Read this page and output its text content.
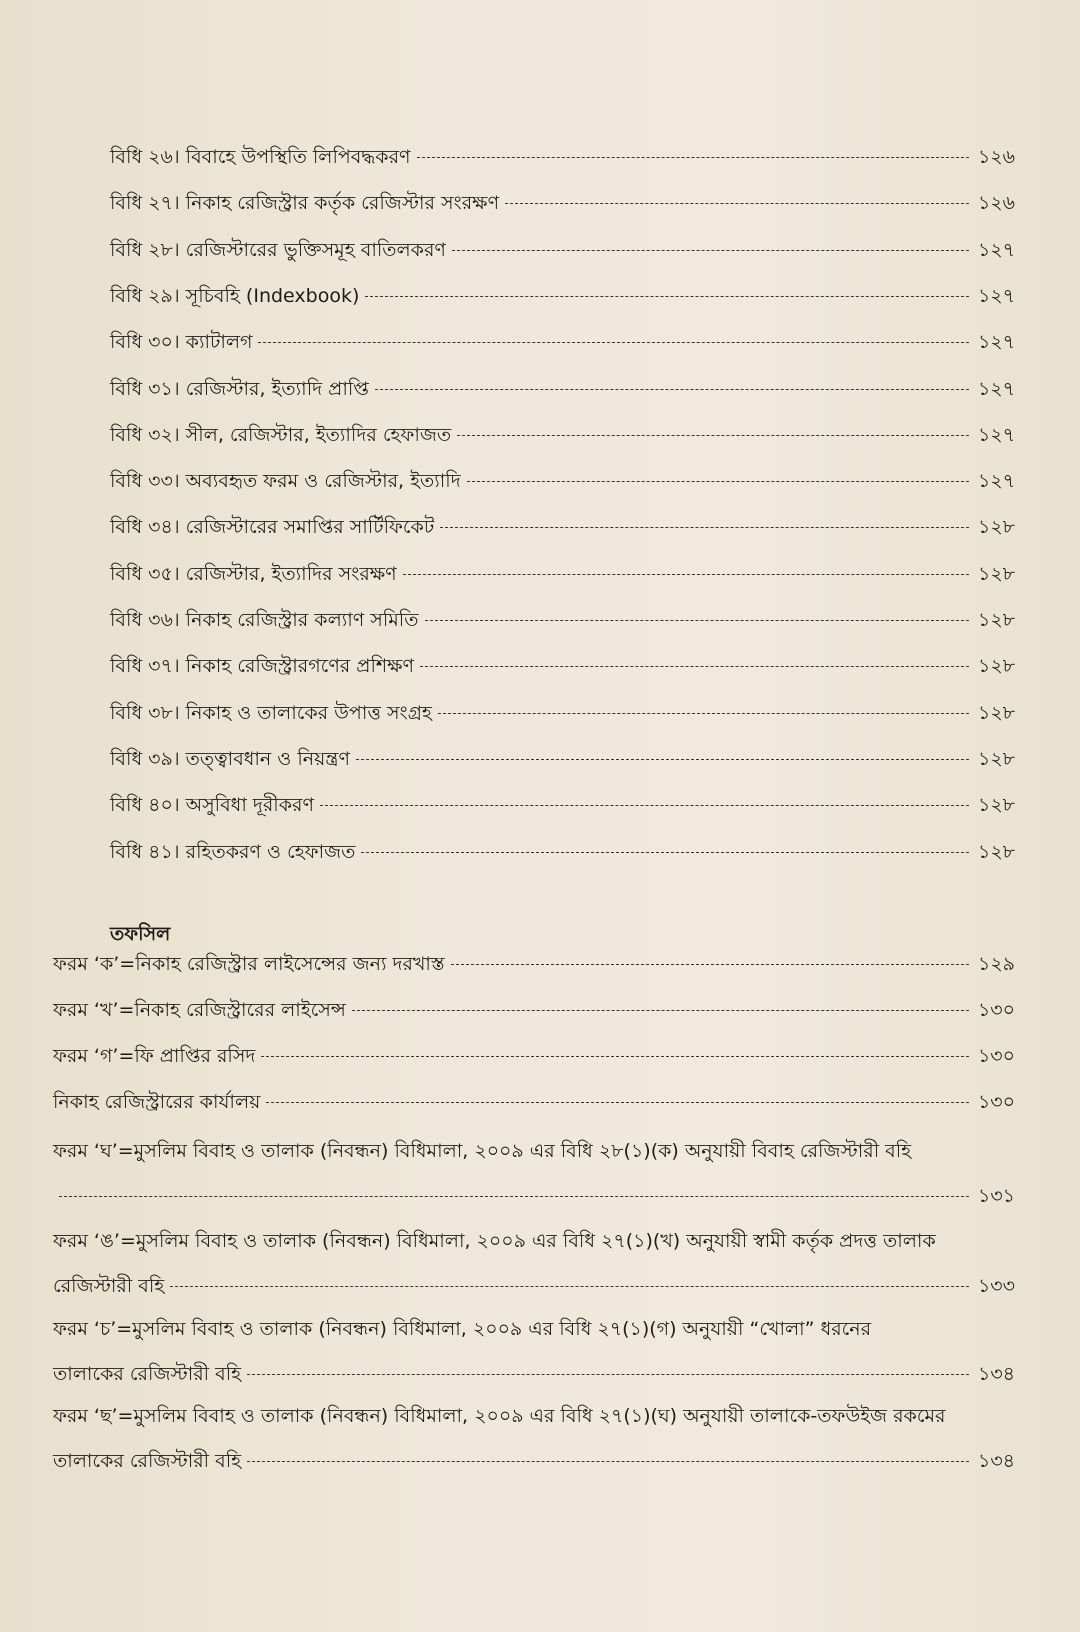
বিধি ২৬। বিবাহে উপস্থিতি লিপিবদ্ধকরণ	১২৬
বিধি ২৭। নিকাহ রেজিস্ট্রার কর্তৃক রেজিস্টার সংরক্ষণ	১২৬
বিধি ২৮। রেজিস্টারের ভুক্তিসমূহ বাতিলকরণ	১২৭
বিধি ২৯। সূচিবহি (Indexbook)	১২৭
বিধি ৩০। ক্যাটালগ	১২৭
বিধি ৩১। রেজিস্টার, ইত্যাদি প্রাপ্তি	১২৭
বিধি ৩২। সীল, রেজিস্টার, ইত্যাদির হেফাজত	১২৭
বিধি ৩৩। অব্যবহৃত ফরম ও রেজিস্টার, ইত্যাদি	১২৭
বিধি ৩৪। রেজিস্টারের সমাপ্তির সার্টিফিকেট	১২৮
বিধি ৩৫। রেজিস্টার, ইত্যাদির সংরক্ষণ	১২৮
বিধি ৩৬। নিকাহ রেজিস্ট্রার কল্যাণ সমিতি	১২৮
বিধি ৩৭। নিকাহ রেজিস্ট্রারগণের প্রশিক্ষণ	১২৮
বিধি ৩৮। নিকাহ ও তালাকের উপাত্ত সংগ্রহ	১২৮
বিধি ৩৯। তত্ত্বাবধান ও নিয়ন্ত্রণ	১২৮
বিধি ৪০। অসুবিধা দূরীকরণ	১২৮
বিধি ৪১। রহিতকরণ ও হেফাজত	১২৮
তফসিল
ফরম ‘ক’=নিকাহ রেজিস্ট্রার লাইসেন্সের জন্য দরখাস্ত	১২৯
ফরম ‘খ’=নিকাহ রেজিস্ট্রারের লাইসেন্স	১৩০
ফরম ‘গ’=ফি প্রাপ্তির রসিদ	১৩০
নিকাহ রেজিস্ট্রারের কার্যালয়	১৩০
ফরম ‘ঘ’=মুসলিম বিবাহ ও তালাক (নিবন্ধন) বিধিমালা, ২০০৯ এর বিধি ২৮(১)(ক) অনুযায়ী বিবাহ রেজিস্টারী বহি
১৩১
ফরম ‘ঙ’=মুসলিম বিবাহ ও তালাক (নিবন্ধন) বিধিমালা, ২০০৯ এর বিধি ২৭(১)(খ) অনুযায়ী স্বামী কর্তৃক প্রদত্ত তালাক
রেজিস্টারী বহি	১৩৩
ফরম ‘চ’=মুসলিম বিবাহ ও তালাক (নিবন্ধন) বিধিমালা, ২০০৯ এর বিধি ২৭(১)(গ) অনুযায়ী “খোলা” ধরনের
তালাকের রেজিস্টারী বহি	১৩৪
ফরম ‘ছ’=মুসলিম বিবাহ ও তালাক (নিবন্ধন) বিধিমালা, ২০০৯ এর বিধি ২৭(১)(ঘ) অনুযায়ী তালাকে-তফউইজ রকমের
তালাকের রেজিস্টারী বহি	১৩৪
